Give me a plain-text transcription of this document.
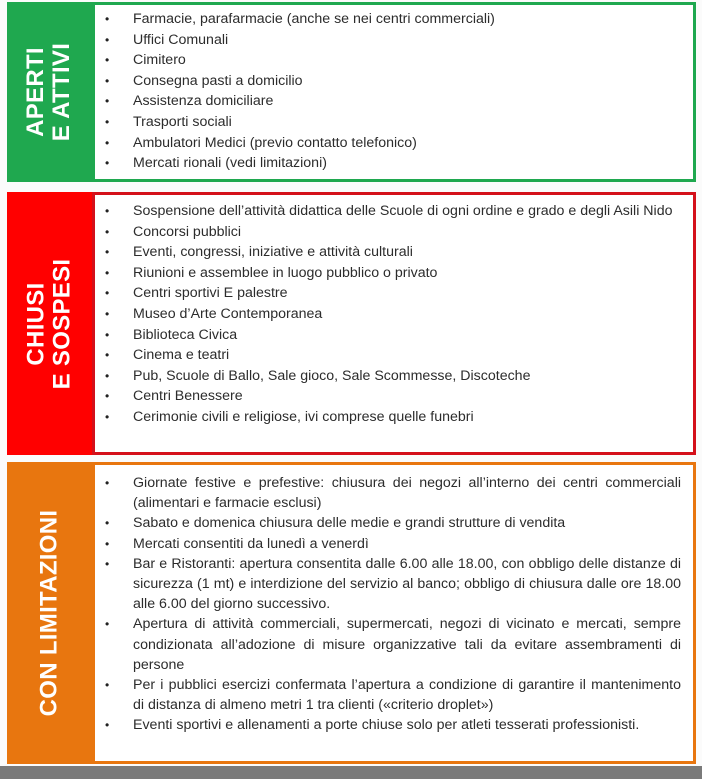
APERTI E ATTIVI
• Farmacie, parafarmacie (anche se nei centri commerciali)
• Uffici Comunali
• Cimitero
• Consegna pasti a domicilio
• Assistenza domiciliare
• Trasporti sociali
• Ambulatori Medici (previo contatto telefonico)
• Mercati rionali (vedi limitazioni)
CHIUSI E SOSPESI
• Sospensione dell’attività didattica delle Scuole di ogni ordine e grado e degli Asili Nido
• Concorsi pubblici
• Eventi, congressi, iniziative e attività culturali
• Riunioni e assemblee in luogo pubblico o privato
• Centri sportivi E palestre
• Museo d’Arte Contemporanea
• Biblioteca Civica
• Cinema e teatri
• Pub, Scuole di Ballo, Sale gioco, Sale Scommesse, Discoteche
• Centri Benessere
• Cerimonie civili e religiose, ivi comprese quelle funebri
CON LIMITAZIONI
• Giornate festive e prefestive: chiusura dei negozi all’interno dei centri commerciali (alimentari e farmacie esclusi)
• Sabato e domenica chiusura delle medie e grandi strutture di vendita
• Mercati consentiti da lunedì a venerdì
• Bar e Ristoranti: apertura consentita dalle 6.00 alle 18.00, con obbligo delle distanze di sicurezza (1 mt) e interdizione del servizio al banco; obbligo di chiusura dalle ore 18.00 alle 6.00 del giorno successivo.
• Apertura di attività commerciali, supermercati, negozi di vicinato e mercati, sempre condizionata all’adozione di misure organizzative tali da evitare assembramenti di persone
• Per i pubblici esercizi confermata l’apertura a condizione di garantire il mantenimento di distanza di almeno metri 1 tra clienti («criterio droplet»)
• Eventi sportivi e allenamenti a porte chiuse solo per atleti tesserati professionisti.
